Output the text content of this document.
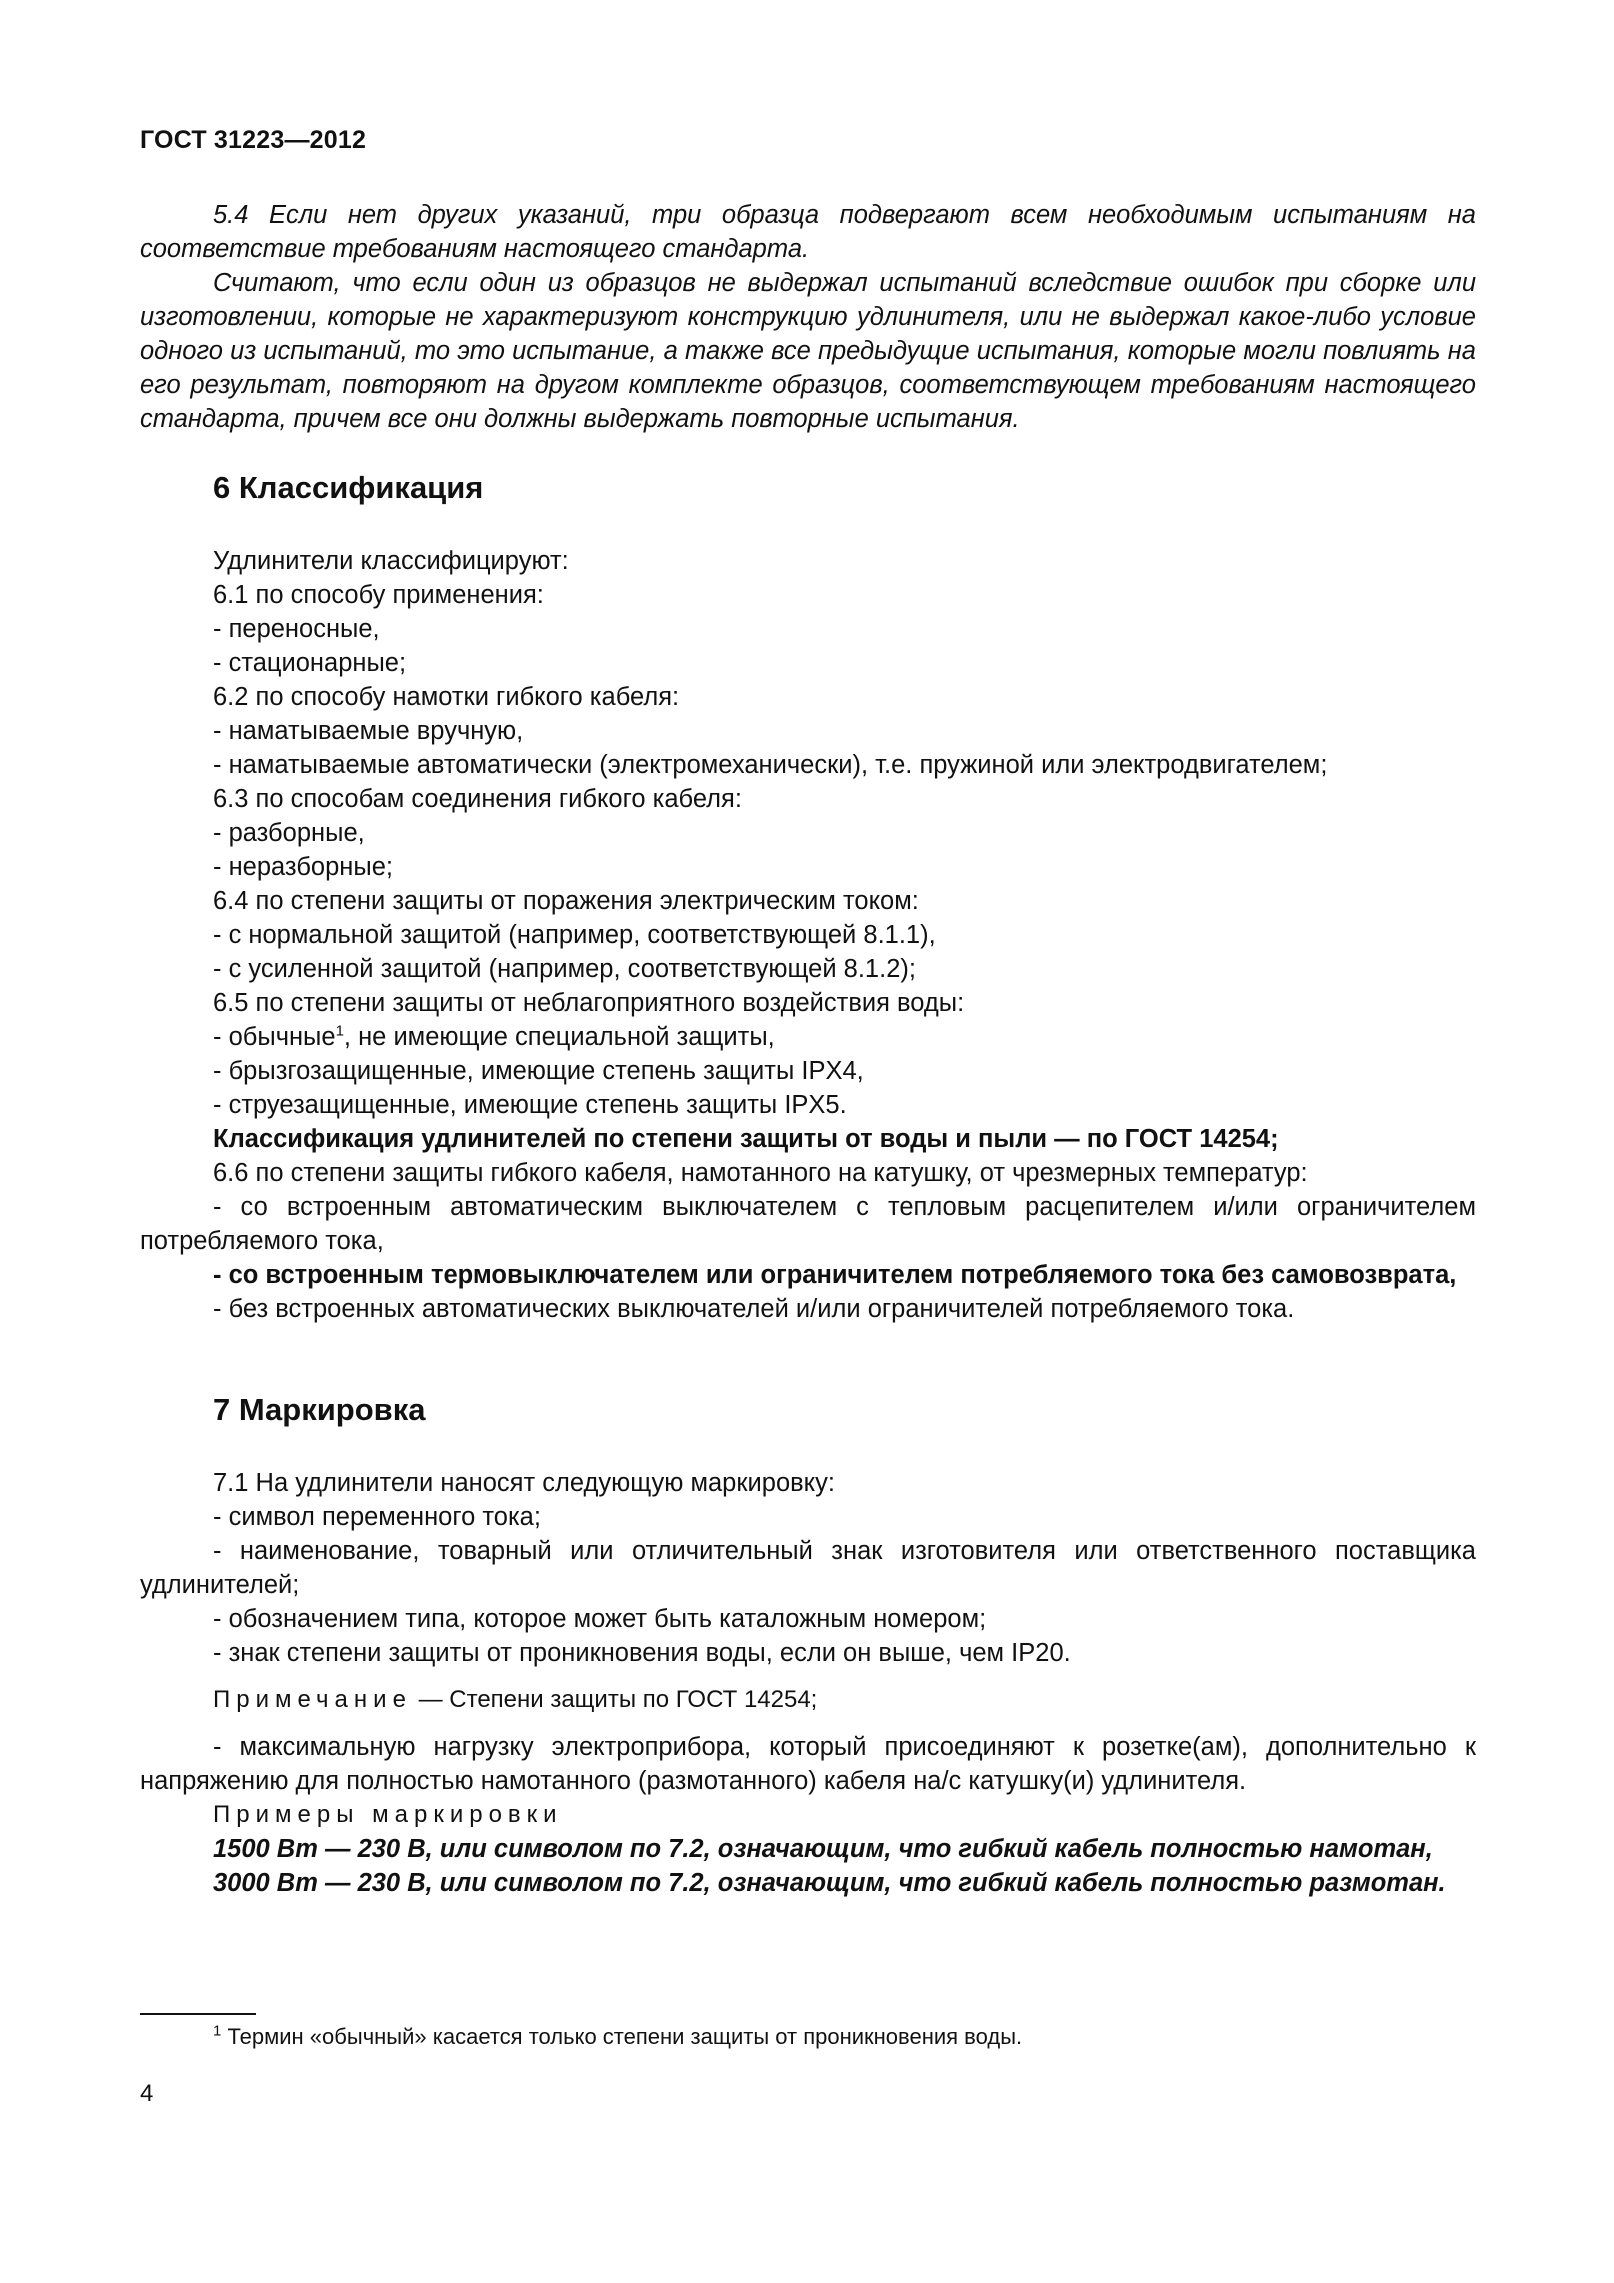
ГОСТ 31223—2012

5.4 Если нет других указаний, три образца подвергают всем необходимым испытаниям на соответствие требованиям настоящего стандарта.

Считают, что если один из образцов не выдержал испытаний вследствие ошибок при сборке или изготовлении, которые не характеризуют конструкцию удлинителя, или не выдержал какое-либо условие одного из испытаний, то это испытание, а также все предыдущие испытания, которые могли повлиять на его результат, повторяют на другом комплекте образцов, соответствующем требованиям настоящего стандарта, причем все они должны выдержать повторные испытания.

6 Классификация

Удлинители классифицируют:

6.1 по способу применения:

- переносные,

- стационарные;

6.2 по способу намотки гибкого кабеля:

- наматываемые вручную,

- наматываемые автоматически (электромеханически), т.е. пружиной или электродвигателем;

6.3 по способам соединения гибкого кабеля:

- разборные,

- неразборные;

6.4 по степени защиты от поражения электрическим током:

- с нормальной защитой (например, соответствующей 8.1.1),

- с усиленной защитой (например, соответствующей 8.1.2);

6.5 по степени защиты от неблагоприятного воздействия воды:

- обычные$^1$, не имеющие специальной защиты,

- брызгозащищенные, имеющие степень защиты IPX4,

- струезащищенные, имеющие степень защиты IPX5.

Классификация удлинителей по степени защиты от воды и пыли — по ГОСТ 14254;

6.6 по степени защиты гибкого кабеля, намотанного на катушку, от чрезмерных температур:

- со встроенным автоматическим выключателем с тепловым расцепителем и/или ограничителем потребляемого тока,

- со встроенным термовыключателем или ограничителем потребляемого тока без самовозврата,

- без встроенных автоматических выключателей и/или ограничителей потребляемого тока.

7 Маркировка

7.1 На удлинители наносят следующую маркировку:

- символ переменного тока;

- наименование, товарный или отличительный знак изготовителя или ответственного поставщика удлинителей;

- обозначением типа, которое может быть каталожным номером;

- знак степени защиты от проникновения воды, если он выше, чем IP20.

Примечание — Степени защиты по ГОСТ 14254;

- максимальную нагрузку электроприбора, который присоединяют к розетке(ам), дополнительно к напряжению для полностью намотанного (размотанного) кабеля на/с катушку(и) удлинителя.

Примеры маркировки

1500 Вт — 230 В, или символом по 7.2, означающим, что гибкий кабель полностью намотан,

3000 Вт — 230 В, или символом по 7.2, означающим, что гибкий кабель полностью размотан.

$^1$ Термин «обычный» касается только степени защиты от проникновения воды.
4
